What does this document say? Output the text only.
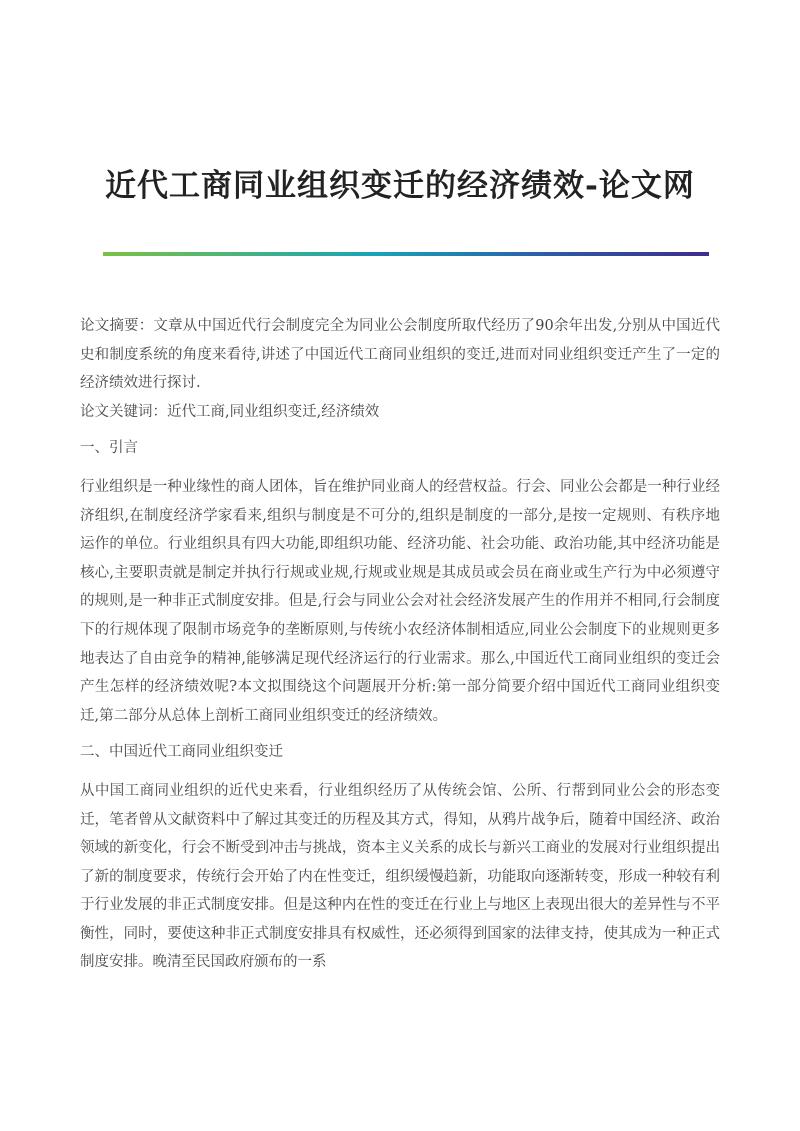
近代工商同业组织变迁的经济绩效-论文网

论文摘要：文章从中国近代行会制度完全为同业公会制度所取代经历了90余年出发,分别从中国近代史和制度系统的角度来看待,讲述了中国近代工商同业组织的变迁,进而对同业组织变迁产生了一定的经济绩效进行探讨.

论文关键词：近代工商,同业组织变迁,经济绩效

一、引言

行业组织是一种业缘性的商人团体，旨在维护同业商人的经营权益。行会、同业公会都是一种行业经济组织,在制度经济学家看来,组织与制度是不可分的,组织是制度的一部分,是按一定规则、有秩序地运作的单位。行业组织具有四大功能,即组织功能、经济功能、社会功能、政治功能,其中经济功能是核心,主要职责就是制定并执行行规或业规,行规或业规是其成员或会员在商业或生产行为中必须遵守的规则,是一种非正式制度安排。但是,行会与同业公会对社会经济发展产生的作用并不相同,行会制度下的行规体现了限制市场竞争的垄断原则,与传统小农经济体制相适应,同业公会制度下的业规则更多地表达了自由竞争的精神,能够满足现代经济运行的行业需求。那么,中国近代工商同业组织的变迁会产生怎样的经济绩效呢?本文拟围绕这个问题展开分析:第一部分简要介绍中国近代工商同业组织变迁,第二部分从总体上剖析工商同业组织变迁的经济绩效。

二、中国近代工商同业组织变迁

从中国工商同业组织的近代史来看，行业组织经历了从传统会馆、公所、行帮到同业公会的形态变迁，笔者曾从文献资料中了解过其变迁的历程及其方式，得知，从鸦片战争后，随着中国经济、政治领域的新变化，行会不断受到冲击与挑战，资本主义关系的成长与新兴工商业的发展对行业组织提出了新的制度要求，传统行会开始了内在性变迁，组织缓慢趋新，功能取向逐渐转变，形成一种较有利于行业发展的非正式制度安排。但是这种内在性的变迁在行业上与地区上表现出很大的差异性与不平衡性，同时，要使这种非正式制度安排具有权威性，还必须得到国家的法律支持，使其成为一种正式制度安排。晚清至民国政府颁布的一系
